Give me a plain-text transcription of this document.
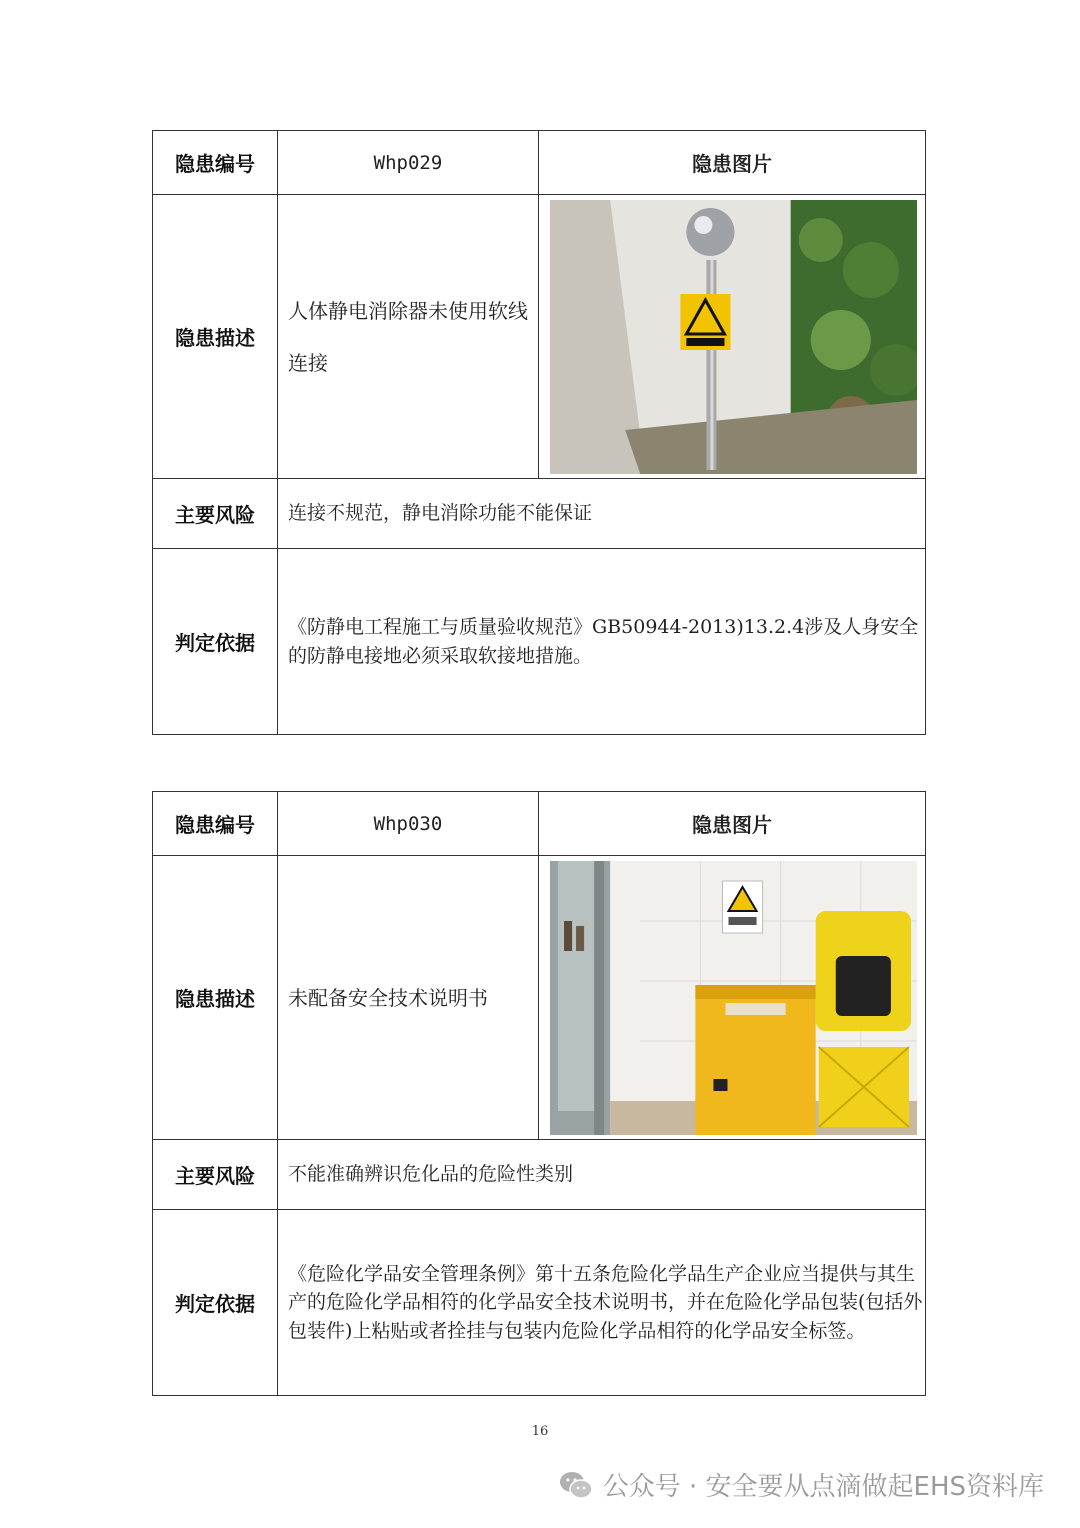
隐患编号	Whp029	隐患图片
隐患描述	人体静电消除器未使用软线连接	

主要风险	连接不规范，静电消除功能不能保证	
判定依据	《防静电工程施工与质量验收规范》GB50944-2013)13.2.4涉及人身安全的防静电接地必须采取软接地措施。	
隐患编号	Whp030	隐患图片
隐患描述	未配备安全技术说明书	

主要风险	不能准确辨识危化品的危险性类别	
判定依据	《危险化学品安全管理条例》第十五条危险化学品生产企业应当提供与其生产的危险化学品相符的化学品安全技术说明书，并在危险化学品包装(包括外包装件)上粘贴或者拴挂与包装内危险化学品相符的化学品安全标签。	
16
公众号 · 安全要从点滴做起EHS资料库
